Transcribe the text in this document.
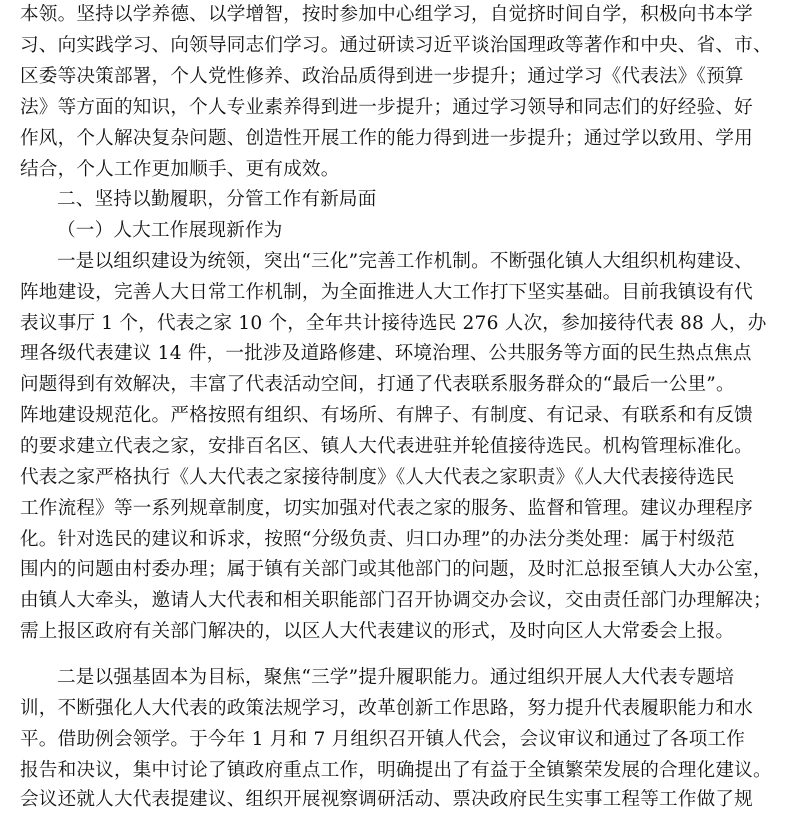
本领。坚持以学养德、以学增智，按时参加中心组学习，自觉挤时间自学，积极向书本学
习、向实践学习、向领导同志们学习。通过研读习近平谈治国理政等著作和中央、省、市、
区委等决策部署，个人党性修养、政治品质得到进一步提升；通过学习《代表法》《预算
法》等方面的知识，个人专业素养得到进一步提升；通过学习领导和同志们的好经验、好
作风，个人解决复杂问题、创造性开展工作的能力得到进一步提升；通过学以致用、学用
结合，个人工作更加顺手、更有成效。
二、坚持以勤履职，分管工作有新局面
（一）人大工作展现新作为
一是以组织建设为统领，突出“三化”完善工作机制。不断强化镇人大组织机构建设、
阵地建设，完善人大日常工作机制，为全面推进人大工作打下坚实基础。目前我镇设有代
表议事厅 1 个，代表之家 10 个，全年共计接待选民 276 人次，参加接待代表 88 人，办
理各级代表建议 14 件，一批涉及道路修建、环境治理、公共服务等方面的民生热点焦点
问题得到有效解决，丰富了代表活动空间，打通了代表联系服务群众的“最后一公里”。
阵地建设规范化。严格按照有组织、有场所、有牌子、有制度、有记录、有联系和有反馈
的要求建立代表之家，安排百名区、镇人大代表进驻并轮值接待选民。机构管理标准化。
代表之家严格执行《人大代表之家接待制度》《人大代表之家职责》《人大代表接待选民
工作流程》等一系列规章制度，切实加强对代表之家的服务、监督和管理。建议办理程序
化。针对选民的建议和诉求，按照“分级负责、归口办理”的办法分类处理：属于村级范
围内的问题由村委办理；属于镇有关部门或其他部门的问题，及时汇总报至镇人大办公室，
由镇人大牵头，邀请人大代表和相关职能部门召开协调交办会议，交由责任部门办理解决；
需上报区政府有关部门解决的，以区人大代表建议的形式，及时向区人大常委会上报。
二是以强基固本为目标，聚焦“三学”提升履职能力。通过组织开展人大代表专题培
训，不断强化人大代表的政策法规学习，改革创新工作思路，努力提升代表履职能力和水
平。借助例会领学。于今年 1 月和 7 月组织召开镇人代会，会议审议和通过了各项工作
报告和决议，集中讨论了镇政府重点工作，明确提出了有益于全镇繁荣发展的合理化建议。
会议还就人大代表提建议、组织开展视察调研活动、票决政府民生实事工程等工作做了规
